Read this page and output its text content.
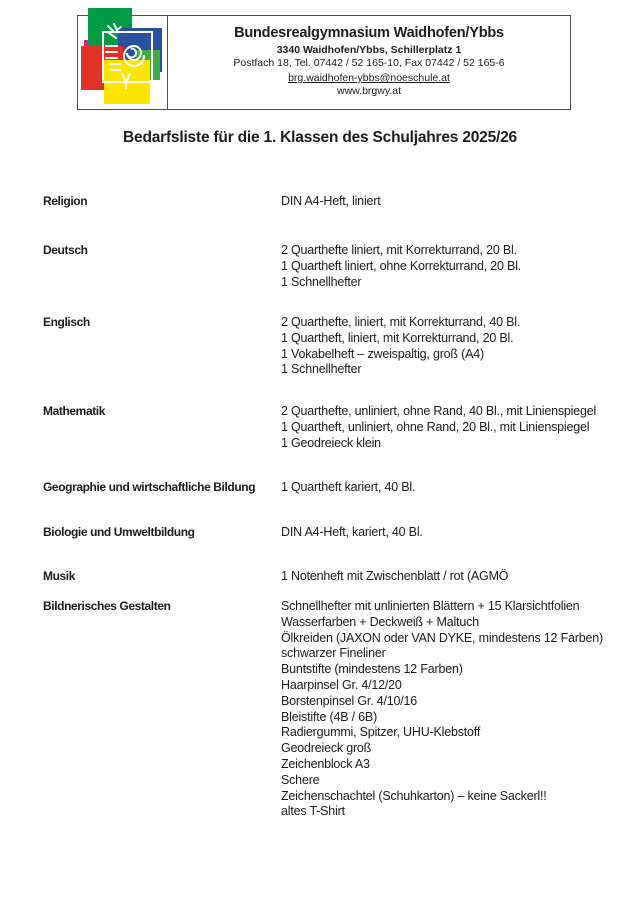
Bundesrealgymnasium Waidhofen/Ybbs
3340 Waidhofen/Ybbs, Schillerplatz 1
Postfach 18, Tel. 07442 / 52 165-10, Fax 07442 / 52 165-6
brg.waidhofen-ybbs@noeschule.at
www.brgwy.at
Bedarfsliste für die 1. Klassen des Schuljahres 2025/26
Religion	DIN A4-Heft, liniert
Deutsch	2 Quarthefte liniert, mit Korrekturrand, 20 Bl.
1 Quartheft liniert, ohne Korrekturrand, 20 Bl.
1 Schnellhefter
Englisch	2 Quarthefte, liniert, mit Korrekturrand, 40 Bl.
1 Quartheft, liniert, mit Korrekturrand, 20 Bl.
1 Vokabelheft – zweispaltig, groß (A4)
1 Schnellhefter
Mathematik	2 Quarthefte, unliniert, ohne Rand, 40 Bl., mit Linienspiegel
1 Quartheft, unliniert, ohne Rand, 20 Bl., mit Linienspiegel
1 Geodreieck klein
Geographie und wirtschaftliche Bildung	1 Quartheft kariert, 40 Bl.
Biologie und Umweltbildung	DIN A4-Heft, kariert, 40 Bl.
Musik	1 Notenheft mit Zwischenblatt / rot (AGMÖ
Bildnerisches Gestalten	Schnellhefter mit unlinierten Blättern + 15 Klarsichtfolien
Wasserfarben + Deckweiß + Maltuch
Ölkreiden (JAXON oder VAN DYKE, mindestens 12 Farben)
schwarzer Fineliner
Buntstifte (mindestens 12 Farben)
Haarpinsel Gr. 4/12/20
Borstenpinsel Gr. 4/10/16
Bleistifte (4B / 6B)
Radiergummi, Spitzer, UHU-Klebstoff
Geodreieck groß
Zeichenblock A3
Schere
Zeichenschachtel (Schuhkarton) – keine Sackerl!!
altes T-Shirt
